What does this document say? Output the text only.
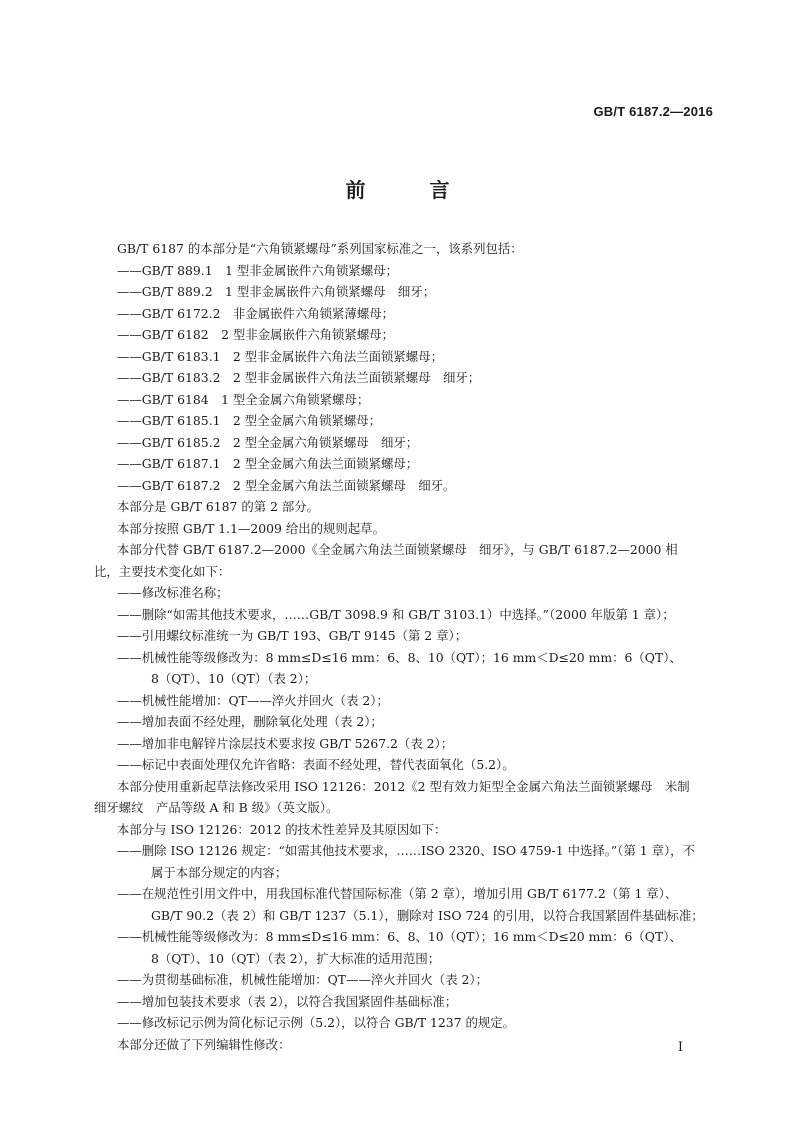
GB/T 6187.2—2016
前　言
GB/T 6187 的本部分是“六角锁紧螺母”系列国家标准之一，该系列包括：
——GB/T 889.1　1 型非金属嵌件六角锁紧螺母；
——GB/T 889.2　1 型非金属嵌件六角锁紧螺母　细牙；
——GB/T 6172.2　非金属嵌件六角锁紧薄螺母；
——GB/T 6182　2 型非金属嵌件六角锁紧螺母；
——GB/T 6183.1　2 型非金属嵌件六角法兰面锁紧螺母；
——GB/T 6183.2　2 型非金属嵌件六角法兰面锁紧螺母　细牙；
——GB/T 6184　1 型全金属六角锁紧螺母；
——GB/T 6185.1　2 型全金属六角锁紧螺母；
——GB/T 6185.2　2 型全金属六角锁紧螺母　细牙；
——GB/T 6187.1　2 型全金属六角法兰面锁紧螺母；
——GB/T 6187.2　2 型全金属六角法兰面锁紧螺母　细牙。
本部分是 GB/T 6187 的第 2 部分。
本部分按照 GB/T 1.1—2009 给出的规则起草。
本部分代替 GB/T 6187.2—2000《全金属六角法兰面锁紧螺母　细牙》，与 GB/T 6187.2—2000 相
比，主要技术变化如下：
——修改标准名称；
——删除“如需其他技术要求，……GB/T 3098.9 和 GB/T 3103.1）中选择。”（2000 年版第 1 章）；
——引用螺纹标准统一为 GB/T 193、GB/T 9145（第 2 章）；
——机械性能等级修改为：8 mm≤D≤16 mm：6、8、10（QT）；16 mm＜D≤20 mm：6（QT）、
8（QT）、10（QT）（表 2）；
——机械性能增加：QT——淬火并回火（表 2）；
——增加表面不经处理，删除氧化处理（表 2）；
——增加非电解锌片涂层技术要求按 GB/T 5267.2（表 2）；
——标记中表面处理仅允许省略：表面不经处理，替代表面氧化（5.2）。
本部分使用重新起草法修改采用 ISO 12126：2012《2 型有效力矩型全金属六角法兰面锁紧螺母　米制
细牙螺纹　产品等级 A 和 B 级》（英文版）。
本部分与 ISO 12126：2012 的技术性差异及其原因如下：
——删除 ISO 12126 规定：“如需其他技术要求，……ISO 2320、ISO 4759-1 中选择。”（第 1 章），不
属于本部分规定的内容；
——在规范性引用文件中，用我国标准代替国际标准（第 2 章），增加引用 GB/T 6177.2（第 1 章）、
GB/T 90.2（表 2）和 GB/T 1237（5.1），删除对 ISO 724 的引用，以符合我国紧固件基础标准；
——机械性能等级修改为：8 mm≤D≤16 mm：6、8、10（QT）；16 mm＜D≤20 mm：6（QT）、
8（QT）、10（QT）（表 2），扩大标准的适用范围；
——为贯彻基础标准，机械性能增加：QT——淬火并回火（表 2）；
——增加包装技术要求（表 2），以符合我国紧固件基础标准；
——修改标记示例为简化标记示例（5.2），以符合 GB/T 1237 的规定。
本部分还做了下列编辑性修改：	I
